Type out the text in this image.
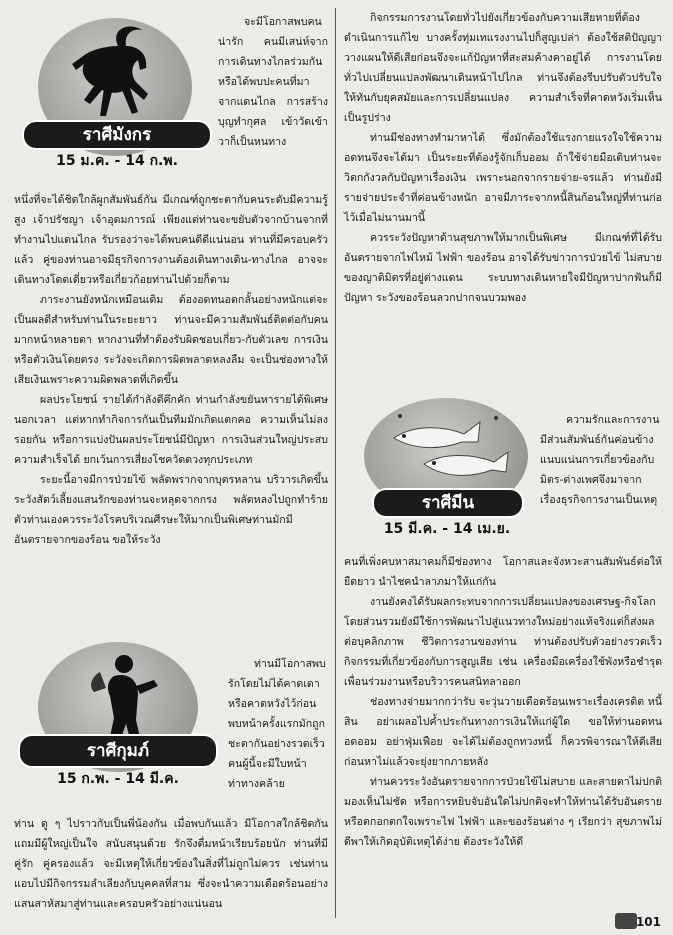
ราศีมังกร
15 ม.ค. - 14 ก.พ.

จะมีโอกาสพบคนน่ารัก คนมีเสน่ห์จากการเดินทางไกลร่วมกัน หรือได้พบปะคนที่มาจากแดนไกล การสร้างบุญทำกุศล เข้าวัดเข้าวาก็เป็นหนทาง

หนึ่งที่จะได้ชิดใกล้ผูกสัมพันธ์กัน มีเกณฑ์ถูกชะตากับคนระดับมีความรู้สูง เจ้าปรัชญา เจ้าอุดมการณ์ เพียงแต่ท่านจะขยับตัวจากบ้านจากที่ทำงานไปแดนไกล รับรองว่าจะได้พบคนดีดีแน่นอน ท่านที่มีครอบครัวแล้ว คู่ของท่านอาจมีธุรกิจการงานต้องเดินทางเดิน-ทางไกล อาจจะเดินทางโดดเดี่ยวหรือเกี่ยวก้อยท่านไปด้วยก็ตาม

ภาระงานยังหนักเหมือนเดิม ต้องอดทนอดกลั้นอย่างหนักแต่จะเป็นผลดีสำหรับท่านในระยะยาว ท่านจะมีความสัมพันธ์ติดต่อกับคนมากหน้าหลายตา หากงานที่ทำต้องรับผิดชอบเกี่ยว-กับตัวเลข การเงินหรือตัวเงินโดยตรง ระวังจะเกิดการผิดพลาดหลงลืม จะเป็นช่องทางให้เสียเงินเพราะความผิดพลาดที่เกิดขึ้น

ผลประโยชน์ รายได้กำลังดีคึกคัก ท่านกำลังขยันหารายได้พิเศษนอกเวลา แต่หากทำกิจการกันเป็นทีมมักเกิดแตกคอ ความเห็นไม่ลงรอยกัน หรือการแบ่งปันผลประโยชน์มีปัญหา การเงินส่วนใหญ่ประสบความสำเร็จได้ ยกเว้นการเสี่ยงโชควัดดวงทุกประเภท

ระยะนี้อาจมีการป่วยไข้ พลัดพรากจากบุตรหลาน บริวารเกิดขึ้น ระวังสัตว์เลี้ยงแสนรักของท่านจะหลุดจากกรง พลัดหลงไปถูกทำร้าย ตัวท่านเองควรระวังโรคบริเวณศีรษะให้มากเป็นพิเศษท่านมักมีอันตรายจากของร้อน ขอให้ระวัง

ราศีกุมภ์
15 ก.พ. - 14 มี.ค.

ท่านมีโอกาสพบรักโดยไม่ได้คาดเดาหรือคาดหวังไว้ก่อน พบหน้าครั้งแรกมักถูกชะตากันอย่างรวดเร็ว คนผู้นี้จะมีใบหน้า ท่าทางคล้าย

ท่าน ดู ๆ ไปราวกับเป็นพี่น้องกัน เมื่อพบกันแล้ว มีโอกาสใกล้ชิดกันแถมมีผู้ใหญ่เป็นใจ สนับสนุนด้วย รักจึงดื่มหน้าเรียบร้อยนัก ท่านที่มีคู่รัก คู่ครองแล้ว จะมีเหตุให้เกี่ยวข้องในสิ่งที่ไม่ถูกไม่ควร เช่นท่านแอบไปมีกิจกรรมลำเลียงกับบุคคลที่สาม ซึ่งจะนำความเดือดร้อนอย่างแสนสาหัสมาสู่ท่านและครอบครัวอย่างแน่นอน

กิจกรรมการงานโดยทั่วไปยังเกี่ยวข้องกับความเสียหายที่ต้องดำเนินการแก้ไข บางครั้งทุ่มเทแรงงานไปก็สูญเปล่า ต้องใช้สติปัญญาวางแผนให้ดีเสียก่อนจึงจะแก้ปัญหาที่สะสมค้างคาอยู่ได้ การงานโดยทั่วไปเปลี่ยนแปลงพัฒนาเดินหน้าไปไกล ท่านจึงต้องรีบปรับตัวปรับใจให้ทันกับยุคสมัยและการเปลี่ยนแปลง ความสำเร็จที่คาดหวังเริ่มเห็นเป็นรูปร่าง

ท่านมีช่องทางทำมาหาได้ ซึ่งมักต้องใช้แรงกายแรงใจใช้ความอดทนจึงจะได้มา เป็นระยะที่ต้องรู้จักเก็บออม ถ้าใช้จ่ายมือเติบท่านจะวิตกกังวลกับปัญหาเรื่องเงิน เพราะนอกจากรายจ่าย-จรแล้ว ท่านยังมีรายจ่ายประจำที่ค่อนข้างหนัก อาจมีภาระจากหนี้สินก้อนใหญ่ที่ท่านก่อไว้เมื่อไม่นานมานี้

ควรระวังปัญหาด้านสุขภาพให้มากเป็นพิเศษ มีเกณฑ์ที่ได้รับอันตรายจากไฟไหม้ ไฟฟ้า ของร้อน อาจได้รับข่าวการป่วยไข้ ไม่สบายของญาติมิตรที่อยู่ต่างแดน ระบบทางเดินหายใจมีปัญหาปากฟันก็มีปัญหา ระวังของร้อนลวกปากจนบวมพอง

ราศีมีน
15 มี.ค. - 14 เม.ย.

ความรักและการงาน มีส่วนสัมพันธ์กันค่อนข้างแนบแน่นการเกี่ยวข้องกับมิตร-ต่างเพศจึงมาจากเรื่องธุรกิจการงานเป็นเหตุ

คนที่เพิ่งคบหาสมาคมก็มีช่องทาง โอกาสและจังหวะสานสัมพันธ์ต่อให้ยืดยาว นำไชคนำลาภมาให้แก่กัน

งานยังคงได้รับผลกระทบจากการเปลี่ยนแปลงของเศรษฐ-กิจโลก โดยส่วนรวมยังมีใช้การพัฒนาไปสู่แนวทางใหม่อย่างแท้จริงแต่ก็ส่งผลต่อบุคลิกภาพ ชีวิตการงานของท่าน ท่านต้องปรับตัวอย่างรวดเร็ว กิจกรรมที่เกี่ยวข้องกับการสูญเสีย เช่น เครื่องมือเครื่องใช้พังหรือชำรุด เพื่อนร่วมงานหรือบริวารคนสนิทลาออก

ช่องทางจ่ายมากกว่ารับ จะวุ่นวายเดือดร้อนเพราะเรื่องเครดิต หนี้สิน อย่าเผลอไปค้ำประกันทางการเงินให้แก่ผู้ใด ขอให้ท่านอดทน อดออม อย่าฟุ่มเฟือย จะได้ไม่ต้องถูกทวงหนี้ ก็ควรพิจารณาให้ดีเสียก่อนหาไม่แล้วจะยุ่งยากภายหลัง

ท่านควรระวังอันตรายจากการป่วยไข้ไม่สบาย และสายตาไม่ปกติ มองเห็นไม่ชัด หรือการหยิบจับอันใดไม่ปกติจะทำให้ท่านได้รับอันตราย หรือตกอกตกใจเพราะไฟ ไฟฟ้า และของร้อนต่าง ๆ เรียกว่า สุขภาพไม่ดีพาให้เกิดอุบัติเหตุได้ง่าย ต้องระวังให้ดี

101
